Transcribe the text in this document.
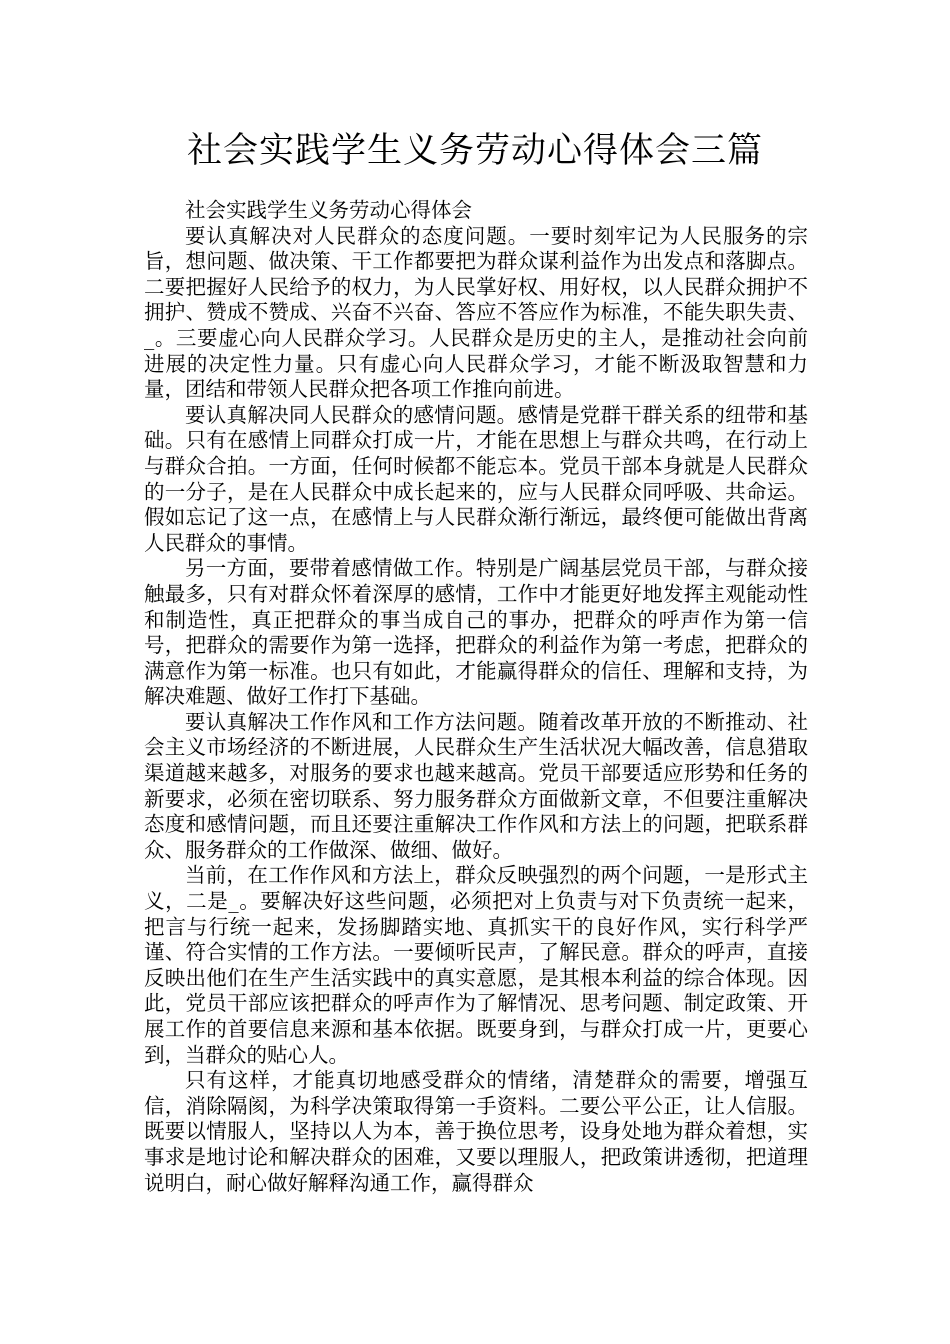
社会实践学生义务劳动心得体会三篇

社会实践学生义务劳动心得体会

要认真解决对人民群众的态度问题。一要时刻牢记为人民服务的宗旨，想问题、做决策、干工作都要把为群众谋利益作为出发点和落脚点。二要把握好人民给予的权力，为人民掌好权、用好权，以人民群众拥护不拥护、赞成不赞成、兴奋不兴奋、答应不答应作为标准，不能失职失责、_。三要虚心向人民群众学习。人民群众是历史的主人，是推动社会向前进展的决定性力量。只有虚心向人民群众学习，才能不断汲取智慧和力量，团结和带领人民群众把各项工作推向前进。

要认真解决同人民群众的感情问题。感情是党群干群关系的纽带和基础。只有在感情上同群众打成一片，才能在思想上与群众共鸣，在行动上与群众合拍。一方面，任何时候都不能忘本。党员干部本身就是人民群众的一分子，是在人民群众中成长起来的，应与人民群众同呼吸、共命运。假如忘记了这一点，在感情上与人民群众渐行渐远，最终便可能做出背离人民群众的事情。

另一方面，要带着感情做工作。特别是广阔基层党员干部，与群众接触最多，只有对群众怀着深厚的感情，工作中才能更好地发挥主观能动性和制造性，真正把群众的事当成自己的事办，把群众的呼声作为第一信号，把群众的需要作为第一选择，把群众的利益作为第一考虑，把群众的满意作为第一标准。也只有如此，才能赢得群众的信任、理解和支持，为解决难题、做好工作打下基础。

要认真解决工作作风和工作方法问题。随着改革开放的不断推动、社会主义市场经济的不断进展，人民群众生产生活状况大幅改善，信息猎取渠道越来越多，对服务的要求也越来越高。党员干部要适应形势和任务的新要求，必须在密切联系、努力服务群众方面做新文章，不但要注重解决态度和感情问题，而且还要注重解决工作作风和方法上的问题，把联系群众、服务群众的工作做深、做细、做好。

当前，在工作作风和方法上，群众反映强烈的两个问题，一是形式主义，二是_。要解决好这些问题，必须把对上负责与对下负责统一起来，把言与行统一起来，发扬脚踏实地、真抓实干的良好作风，实行科学严谨、符合实情的工作方法。一要倾听民声，了解民意。群众的呼声，直接反映出他们在生产生活实践中的真实意愿，是其根本利益的综合体现。因此，党员干部应该把群众的呼声作为了解情况、思考问题、制定政策、开展工作的首要信息来源和基本依据。既要身到，与群众打成一片，更要心到，当群众的贴心人。

只有这样，才能真切地感受群众的情绪，清楚群众的需要，增强互信，消除隔阂，为科学决策取得第一手资料。二要公平公正，让人信服。既要以情服人，坚持以人为本，善于换位思考，设身处地为群众着想，实事求是地讨论和解决群众的困难，又要以理服人，把政策讲透彻，把道理说明白，耐心做好解释沟通工作，赢得群众
